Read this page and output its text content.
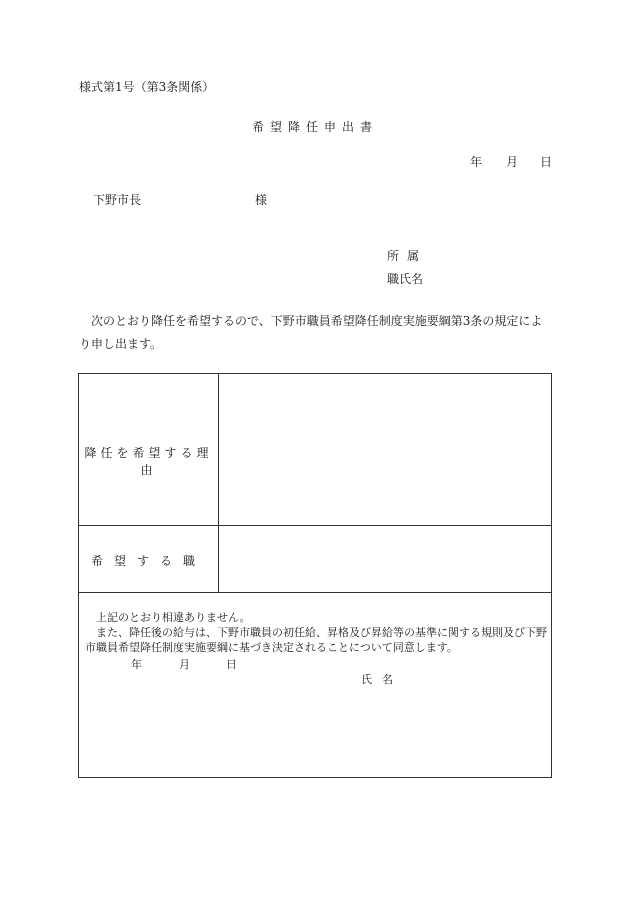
様式第1号（第3条関係）
希望降任申出書
年 月 日
下野市長	様
所属
職氏名
次のとおり降任を希望するので、下野市職員希望降任制度実施要綱第3条の規定により申し出ます。
降任を希望する理由
希望する職

上記のとおり相違ありません。

また、降任後の給与は、下野市職員の初任給、昇格及び昇給等の基準に関する規則及び下野市職員希望降任制度実施要綱に基づき決定されることについて同意します。

年	月	日
氏名
